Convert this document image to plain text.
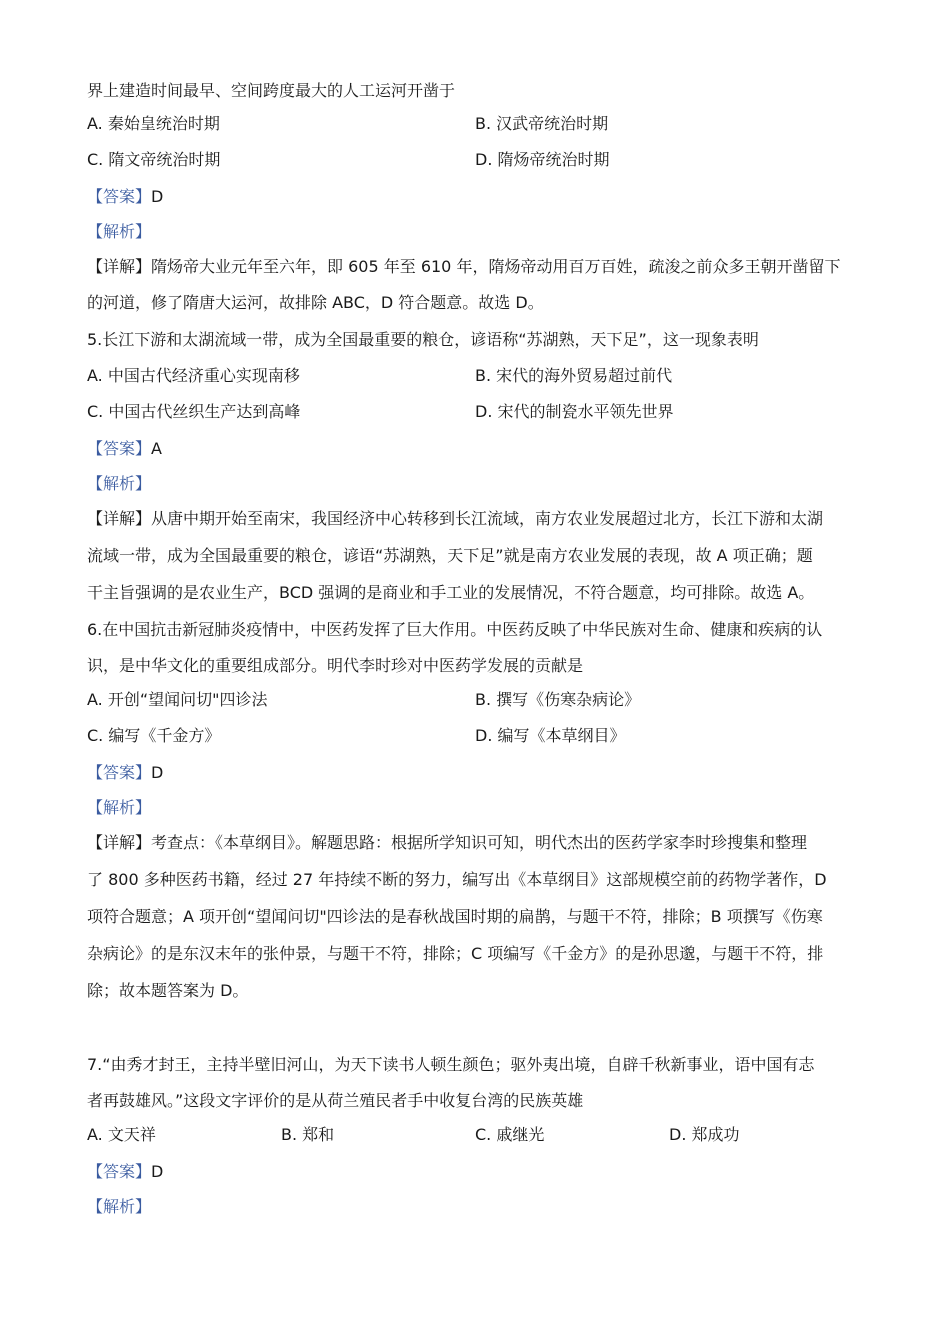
界上建造时间最早、空间跨度最大的人工运河开凿于
A. 秦始皇统治时期	B. 汉武帝统治时期
C. 隋文帝统治时期	D. 隋炀帝统治时期
【答案】D
【解析】
【详解】隋炀帝大业元年至六年，即 605 年至 610 年，隋炀帝动用百万百姓，疏浚之前众多王朝开凿留下
的河道，修了隋唐大运河，故排除 ABC，D 符合题意。故选 D。
5.长江下游和太湖流域一带，成为全国最重要的粮仓，谚语称“苏湖熟，天下足”，这一现象表明
A. 中国古代经济重心实现南移	B. 宋代的海外贸易超过前代
C. 中国古代丝织生产达到高峰	D. 宋代的制瓷水平领先世界
【答案】A
【解析】
【详解】从唐中期开始至南宋，我国经济中心转移到长江流域，南方农业发展超过北方，长江下游和太湖
流域一带，成为全国最重要的粮仓，谚语“苏湖熟，天下足”就是南方农业发展的表现，故 A 项正确；题
干主旨强调的是农业生产，BCD 强调的是商业和手工业的发展情况，不符合题意，均可排除。故选 A。
6.在中国抗击新冠肺炎疫情中，中医药发挥了巨大作用。中医药反映了中华民族对生命、健康和疾病的认
识，是中华文化的重要组成部分。明代李时珍对中医药学发展的贡献是
A. 开创“望闻问切"四诊法	B. 撰写《伤寒杂病论》
C. 编写《千金方》	D. 编写《本草纲目》
【答案】D
【解析】
【详解】考查点：《本草纲目》。解题思路：根据所学知识可知，明代杰出的医药学家李时珍搜集和整理
了 800 多种医药书籍，经过 27 年持续不断的努力，编写出《本草纲目》这部规模空前的药物学著作，D
项符合题意；A 项开创“望闻问切"四诊法的是春秋战国时期的扁鹊，与题干不符，排除；B 项撰写《伤寒
杂病论》的是东汉末年的张仲景，与题干不符，排除；C 项编写《千金方》的是孙思邈，与题干不符，排
除；故本题答案为 D。
7.“由秀才封王，主持半壁旧河山，为天下读书人顿生颜色；驱外夷出境，自辟千秋新事业，语中国有志
者再鼓雄风。”这段文字评价的是从荷兰殖民者手中收复台湾的民族英雄
A. 文天祥	B. 郑和	C. 戚继光	D. 郑成功
【答案】D
【解析】
